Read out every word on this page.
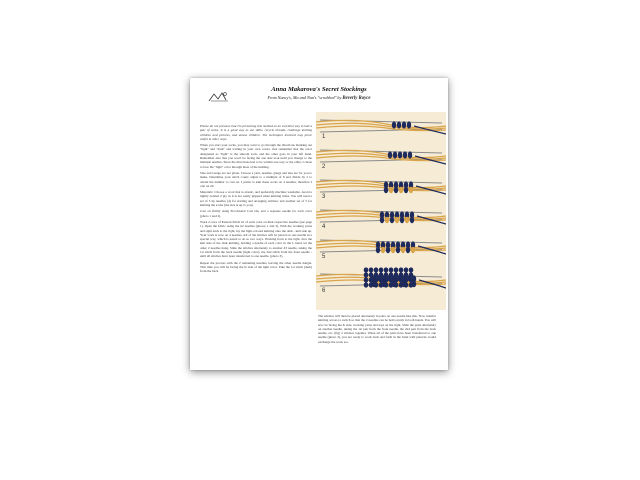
Anna Makarova's Secret Stockings
From Nancy's, Ma and Nan's "scrubbed" by Beverly Royce

Please do not presume that I'm presenting this method as an excellent way to knit a pair of socks. It is a good way to use skills, recycle threads, challenge knitting children and pictures, and amuse children. The techniques involved may prove useful in other ways.

When you start your socks, you may want to go through the directions marking out "light" and "dark" and writing in your own colors. Just remember that the color designated as "light" is the smooth sock, and the other goes in your left hand. Remember also that you won't be facing the one side took until you change to the multiple needles. Since the directions had to be written one way or the other, I chose to face the "light" color through most of the knitting.

Size and Gauge are not given. Choose a yarn, needles, gauge and size are for you to make. Determine your stitch count; adjust to a multiple of 8 and divide by 2 to obtain the number to cast on. I prefer to knit these socks on 4 needles, therefore I cast on 20.

Materials: Choose a wool that is elastic, and preferably machine washable. Avoid a tightly twisted 2 ply as it is not easily gripped when knitting tubes. You will need a set of 5 dp needles (4) for starting and arranging stitches; and another set of 5 for knitting the socks (the size is up to you).

Cast on firmly using Provisional Cast On, and a separate needle for each color (photo 1 and 2).

Work 2 rows of Eastern Stitch #1 of each color on their respective needles (see page 1). Open the fabric using the #2 needles (photos 1 and 3). With the working yarns and right ends to the right, lay the light-colored knitting onto the dark - knit side up. Your work is now on 4 needles. All of the stitches will be placed on one needle in a special way, which is tested to do so two ways. Working from to the right, face the knit side of the dark knitting, holding a needle of each color in the L hand, let the other 2 needles hang. Slide the stitches alternately to another #3 needle, taking the 1st stitch from the back needle (light color), the 2nd stitch from the front needle - until all stitches have been transferred to one needle. (photo 3).

Repeat the process with the 2 remaining needles, leaving the other needle dangle. This time you will be facing the K side of the light color. Take the 1st stitch (dark) from the back

1
2
3
4
5
6

The stitches will then be placed alternately in pairs on one needle like this. Now transfer knitting across to switch so that the 2 needles can be held evenly in both hands. You will now be facing the K side, working yarns and tops on the right. Slide the pairs alternately on another needle, taking the 1st pair from the front needle, the 2nd pair from the back needle, etc. (fig) 2 stitches together. When all of the pairs have been transferred to one needle (photo 3), you are ready to work back and forth in the band with patterns would exchange the work too.
